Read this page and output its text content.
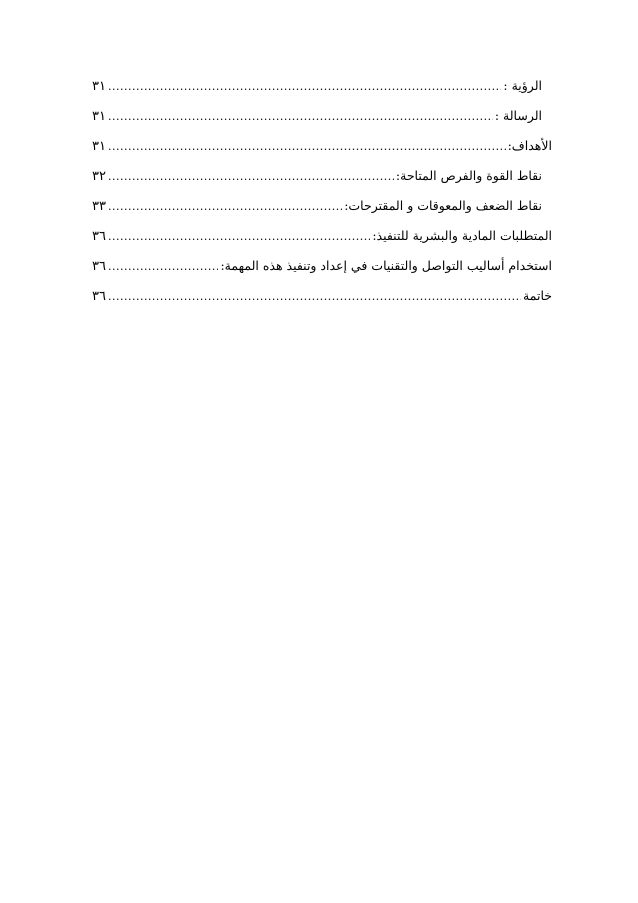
الرؤية :
.....
٣١
الرسالة :
.....
٣١
الأهداف:
.....
٣١
نقاط القوة والفرص المتاحة:
.....
٣٢
نقاط الضعف والمعوقات و المقترحات:
.....
٣٣
المتطلبات المادية والبشرية للتنفيذ:
.....
٣٦
استخدام أساليب التواصل والتقنيات في إعداد وتنفيذ هذه المهمة:
.....
٣٦
خاتمة
.....
٣٦
